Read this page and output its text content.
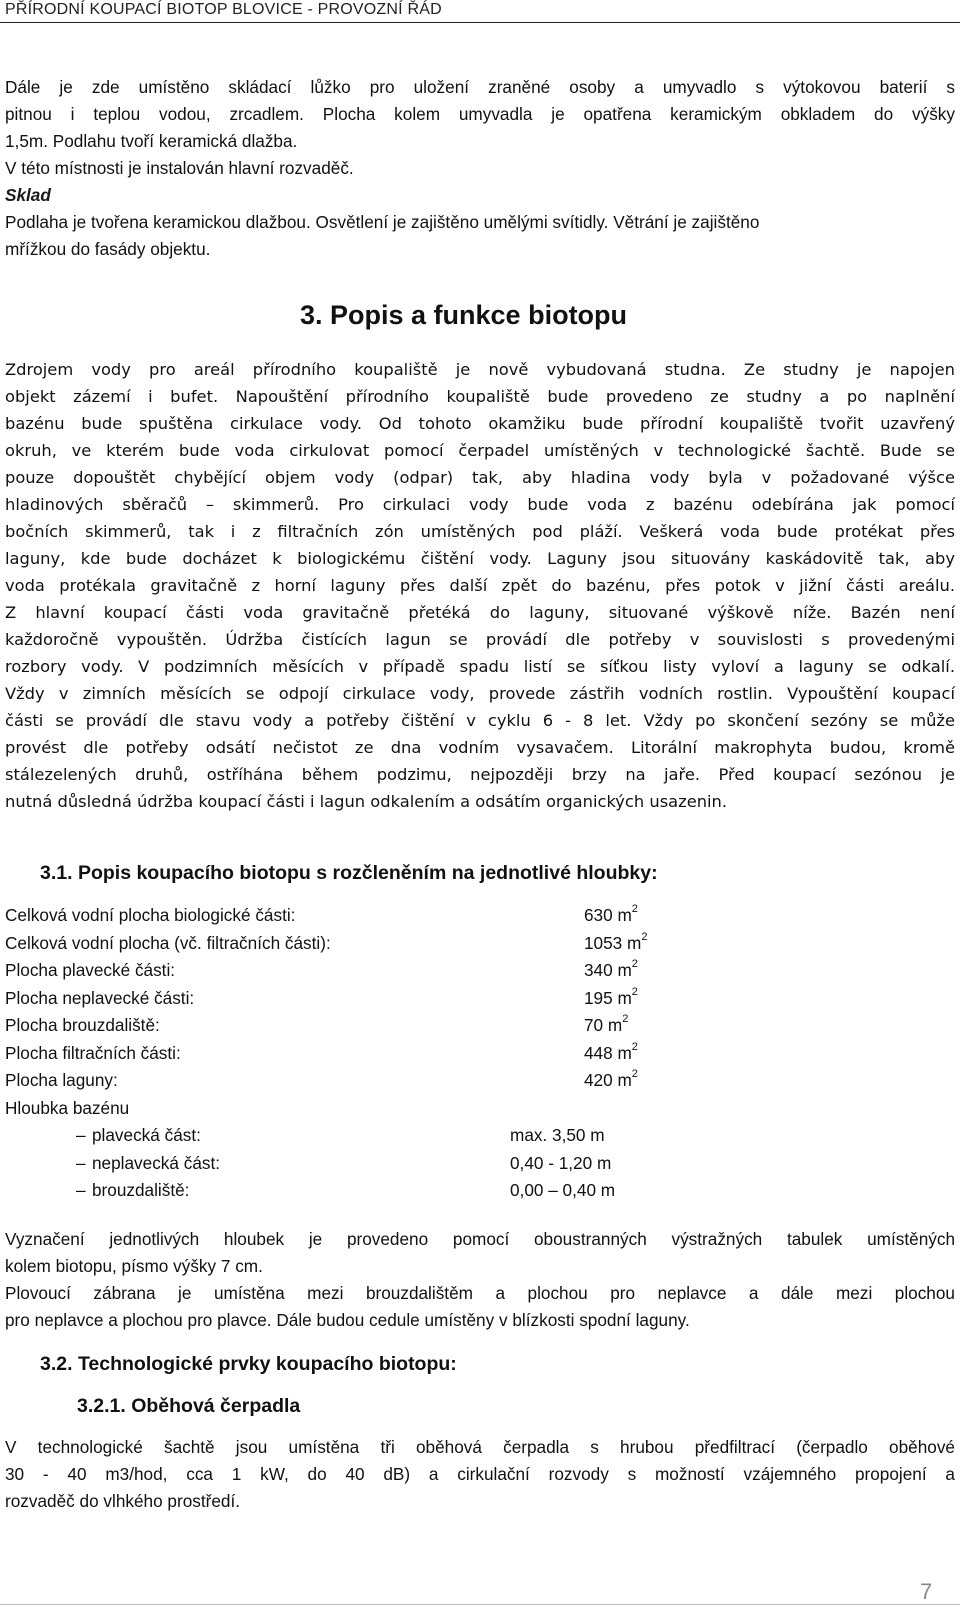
PŘÍRODNÍ KOUPACÍ BIOTOP BLOVICE - PROVOZNÍ ŘÁD
Dále je zde umístěno skládací lůžko pro uložení zraněné osoby a umyvadlo s výtokovou baterií s
pitnou i teplou vodou, zrcadlem. Plocha kolem umyvadla je opatřena keramickým obkladem do výšky
1,5m. Podlahu tvoří keramická dlažba.
V této místnosti je instalován hlavní rozvaděč.
Sklad
Podlaha je tvořena keramickou dlažbou. Osvětlení je zajištěno umělými svítidly. Větrání je zajištěno
mřížkou do fasády objektu.
3. Popis a funkce biotopu
Zdrojem vody pro areál přírodního koupaliště je nově vybudovaná studna. Ze studny je napojen
objekt zázemí i bufet. Napouštění přírodního koupaliště bude provedeno ze studny a po naplnění
bazénu bude spuštěna cirkulace vody. Od tohoto okamžiku bude přírodní koupaliště tvořit uzavřený
okruh, ve kterém bude voda cirkulovat pomocí čerpadel umístěných v technologické šachtě. Bude se
pouze dopouštět chybějící objem vody (odpar) tak, aby hladina vody byla v požadované výšce
hladinových sběračů – skimmerů. Pro cirkulaci vody bude voda z bazénu odebírána jak pomocí
bočních skimmerů, tak i z filtračních zón umístěných pod pláží. Veškerá voda bude protékat přes
laguny, kde bude docházet k biologickému čištění vody. Laguny jsou situovány kaskádovitě tak, aby
voda protékala gravitačně z horní laguny přes další zpět do bazénu, přes potok v jižní části areálu.
Z hlavní koupací části voda gravitačně přetéká do laguny, situované výškově níže. Bazén není
každoročně vypouštěn. Údržba čistících lagun se provádí dle potřeby v souvislosti s provedenými
rozbory vody. V podzimních měsících v případě spadu listí se síťkou listy vyloví a laguny se odkalí.
Vždy v zimních měsících se odpojí cirkulace vody, provede zástřih vodních rostlin. Vypouštění koupací
části se provádí dle stavu vody a potřeby čištění v cyklu 6 - 8 let. Vždy po skončení sezóny se může
provést dle potřeby odsátí nečistot ze dna vodním vysavačem. Litorální makrophyta budou, kromě
stálezelených druhů, ostříhána během podzimu, nejpozději brzy na jaře. Před koupací sezónou je
nutná důsledná údržba koupací části i lagun odkalením a odsátím organických usazenin.
3.1. Popis koupacího biotopu s rozčleněním na jednotlivé hloubky:
Celková vodní plocha biologické části:	630 $m^2$
Celková vodní plocha (vč. filtračních části):	1053 $m^2$
Plocha plavecké části:	340 $m^2$
Plocha neplavecké části:	195 $m^2$
Plocha brouzdaliště:	70 $m^2$
Plocha filtračních části:	448 $m^2$
Plocha laguny:	420 $m^2$
Hloubka bazénu
– plavecká část:	max. 3,50 m
– neplavecká část:	0,40 - 1,20 m
– brouzdaliště:	0,00 – 0,40 m
Vyznačení jednotlivých hloubek je provedeno pomocí oboustranných výstražných tabulek umístěných
kolem biotopu, písmo výšky 7 cm.
Plovoucí zábrana je umístěna mezi brouzdalištěm a plochou pro neplavce a dále mezi plochou
pro neplavce a plochou pro plavce. Dále budou cedule umístěny v blízkosti spodní laguny.
3.2. Technologické prvky koupacího biotopu:
3.2.1. Oběhová čerpadla
V technologické šachtě jsou umístěna tři oběhová čerpadla s hrubou předfiltrací (čerpadlo oběhové
30 - 40 m3/hod, cca 1 kW, do 40 dB) a cirkulační rozvody s možností vzájemného propojení a
rozvaděč do vlhkého prostředí.
7
